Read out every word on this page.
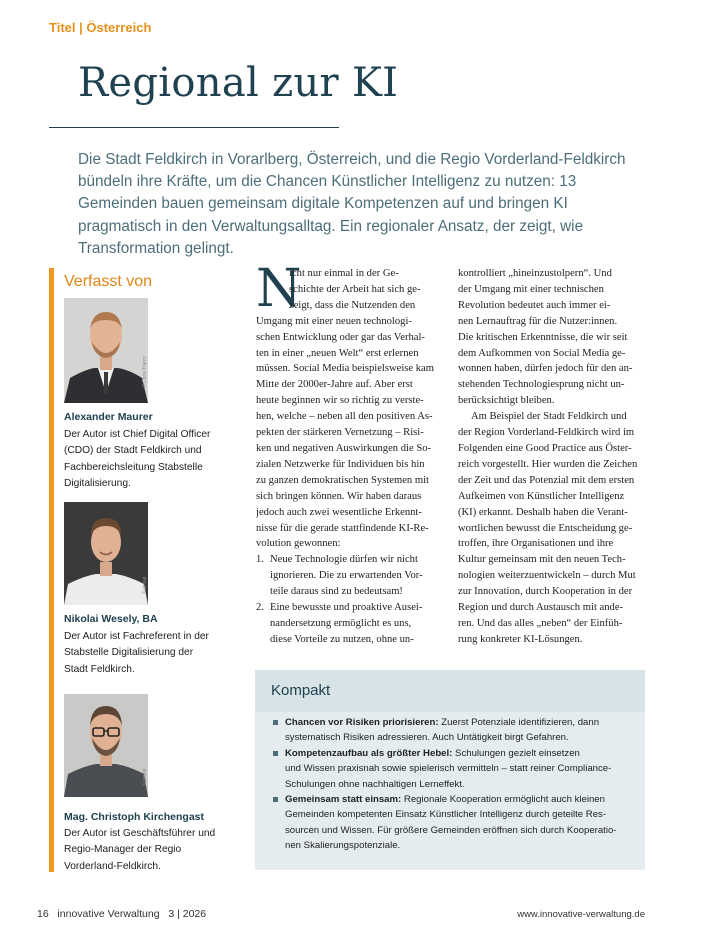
Titel | Österreich
Regional zur KI

Die Stadt Feldkirch in Vorarlberg, Österreich, und die Regio Vorderland-Feldkirch bündeln ihre Kräfte, um die Chancen Künstlicher Intelligenz zu nutzen: 13 Gemeinden bauen gemeinsam digitale Kompetenzen auf und bringen KI pragmatisch in den Verwaltungsalltag. Ein regionaler Ansatz, der zeigt, wie Transformation gelingt.

Verfasst von
© Chris Thern
Alexander Maurer
Der Autor ist Chief Digital Officer (CDO) der Stadt Feldkirch und Fachbereichsleitung Stabstelle Digitalisierung.
© privat
Nikolai Wesely, BA
Der Autor ist Fachreferent in der Stabstelle Digitalisierung der Stadt Feldkirch.
© privat
Mag. Christoph Kirchengast
Der Autor ist Geschäftsführer und Regio-Manager der Regio Vorderland-Feldkirch.
N
icht nur einmal in der Ge-
schichte der Arbeit hat sich ge-
zeigt, dass die Nutzenden den
Umgang mit einer neuen technologi-
schen Entwicklung oder gar das Verhal-
ten in einer „neuen Welt“ erst erlernen
müssen. Social Media beispielsweise kam
Mitte der 2000er-Jahre auf. Aber erst
heute beginnen wir so richtig zu verste-
hen, welche – neben all den positiven As-
pekten der stärkeren Vernetzung – Risi-
ken und negativen Auswirkungen die So-
zialen Netzwerke für Individuen bis hin
zu ganzen demokratischen Systemen mit
sich bringen können. Wir haben daraus
jedoch auch zwei wesentliche Erkennt-
nisse für die gerade stattfindende KI-Re-
volution gewonnen:
1. Neue Technologie dürfen wir nicht
ignorieren. Die zu erwartenden Vor-
teile daraus sind zu bedeutsam!
2. Eine bewusste und proaktive Ausei-
nandersetzung ermöglicht es uns,
diese Vorteile zu nutzen, ohne un-
kontrolliert „hineinzustolpern“. Und
der Umgang mit einer technischen
Revolution bedeutet auch immer ei-
nen Lernauftrag für die Nutzer:innen.
Die kritischen Erkenntnisse, die wir seit
dem Aufkommen von Social Media ge-
wonnen haben, dürfen jedoch für den an-
stehenden Technologiesprung nicht un-
berücksichtigt bleiben.
Am Beispiel der Stadt Feldkirch und
der Region Vorderland-Feldkirch wird im
Folgenden eine Good Practice aus Öster-
reich vorgestellt. Hier wurden die Zeichen
der Zeit und das Potenzial mit dem ersten
Aufkeimen von Künstlicher Intelligenz
(KI) erkannt. Deshalb haben die Verant-
wortlichen bewusst die Entscheidung ge-
troffen, ihre Organisationen und ihre
Kultur gemeinsam mit den neuen Tech-
nologien weiterzuentwickeln – durch Mut
zur Innovation, durch Kooperation in der
Region und durch Austausch mit ande-
ren. Und das alles „neben“ der Einfüh-
rung konkreter KI-Lösungen.
Kompakt
Chancen vor Risiken priorisieren: Zuerst Potenziale identifizieren, dann
systematisch Risiken adressieren. Auch Untätigkeit birgt Gefahren.
Kompetenzaufbau als größter Hebel: Schulungen gezielt einsetzen
und Wissen praxisnah sowie spielerisch vermitteln – statt reiner Compliance-
Schulungen ohne nachhaltigen Lerneffekt.
Gemeinsam statt einsam: Regionale Kooperation ermöglicht auch kleinen
Gemeinden kompetenten Einsatz Künstlicher Intelligenz durch geteilte Res-
sourcen und Wissen. Für größere Gemeinden eröffnen sich durch Kooperatio-
nen Skalierungspotenziale.
16   innovative Verwaltung   3 | 2026	www.innovative-verwaltung.de
